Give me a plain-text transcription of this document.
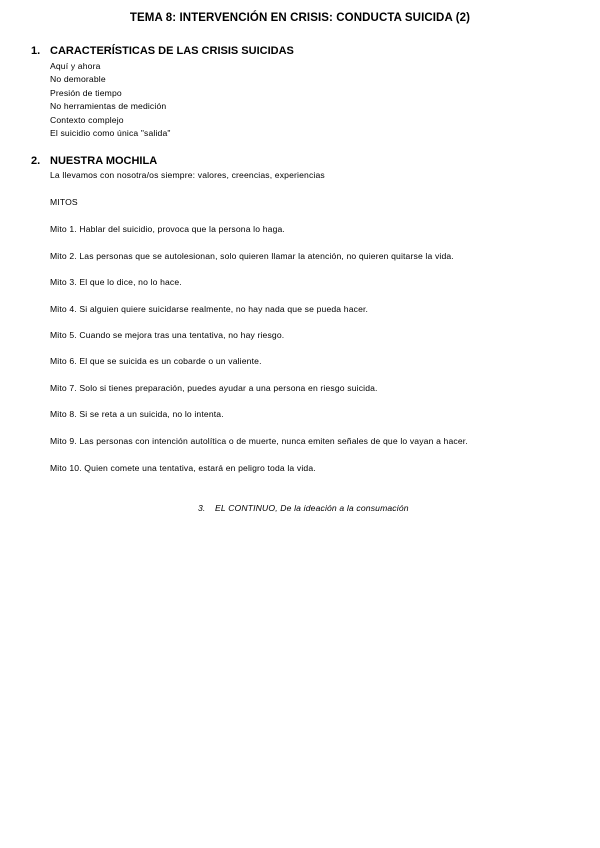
TEMA 8: INTERVENCIÓN EN CRISIS: CONDUCTA SUICIDA (2)
1. CARACTERÍSTICAS DE LAS CRISIS SUICIDAS
Aquí y ahora
No demorable
Presión de tiempo
No herramientas de medición
Contexto complejo
El suicidio como única "salida"
2. NUESTRA MOCHILA
La llevamos con nosotra/os siempre: valores, creencias, experiencias
MITOS
Mito 1. Hablar del suicidio, provoca que la persona lo haga.
Mito 2. Las personas que se autolesionan, solo quieren llamar la atención, no quieren quitarse la vida.
Mito 3. El que lo dice, no lo hace.
Mito 4. Si alguien quiere suicidarse realmente, no hay nada que se pueda hacer.
Mito 5. Cuando se mejora tras una tentativa, no hay riesgo.
Mito 6. El que se suicida es un cobarde o un valiente.
Mito 7. Solo si tienes preparación, puedes ayudar a una persona en riesgo suicida.
Mito 8. Si se reta a un suicida, no lo intenta.
Mito 9. Las personas con intención autolítica o de muerte, nunca emiten señales de que lo vayan a hacer.
Mito 10. Quien comete una tentativa, estará en peligro toda la vida.
3. EL CONTINUO, De la ideación a la consumación
